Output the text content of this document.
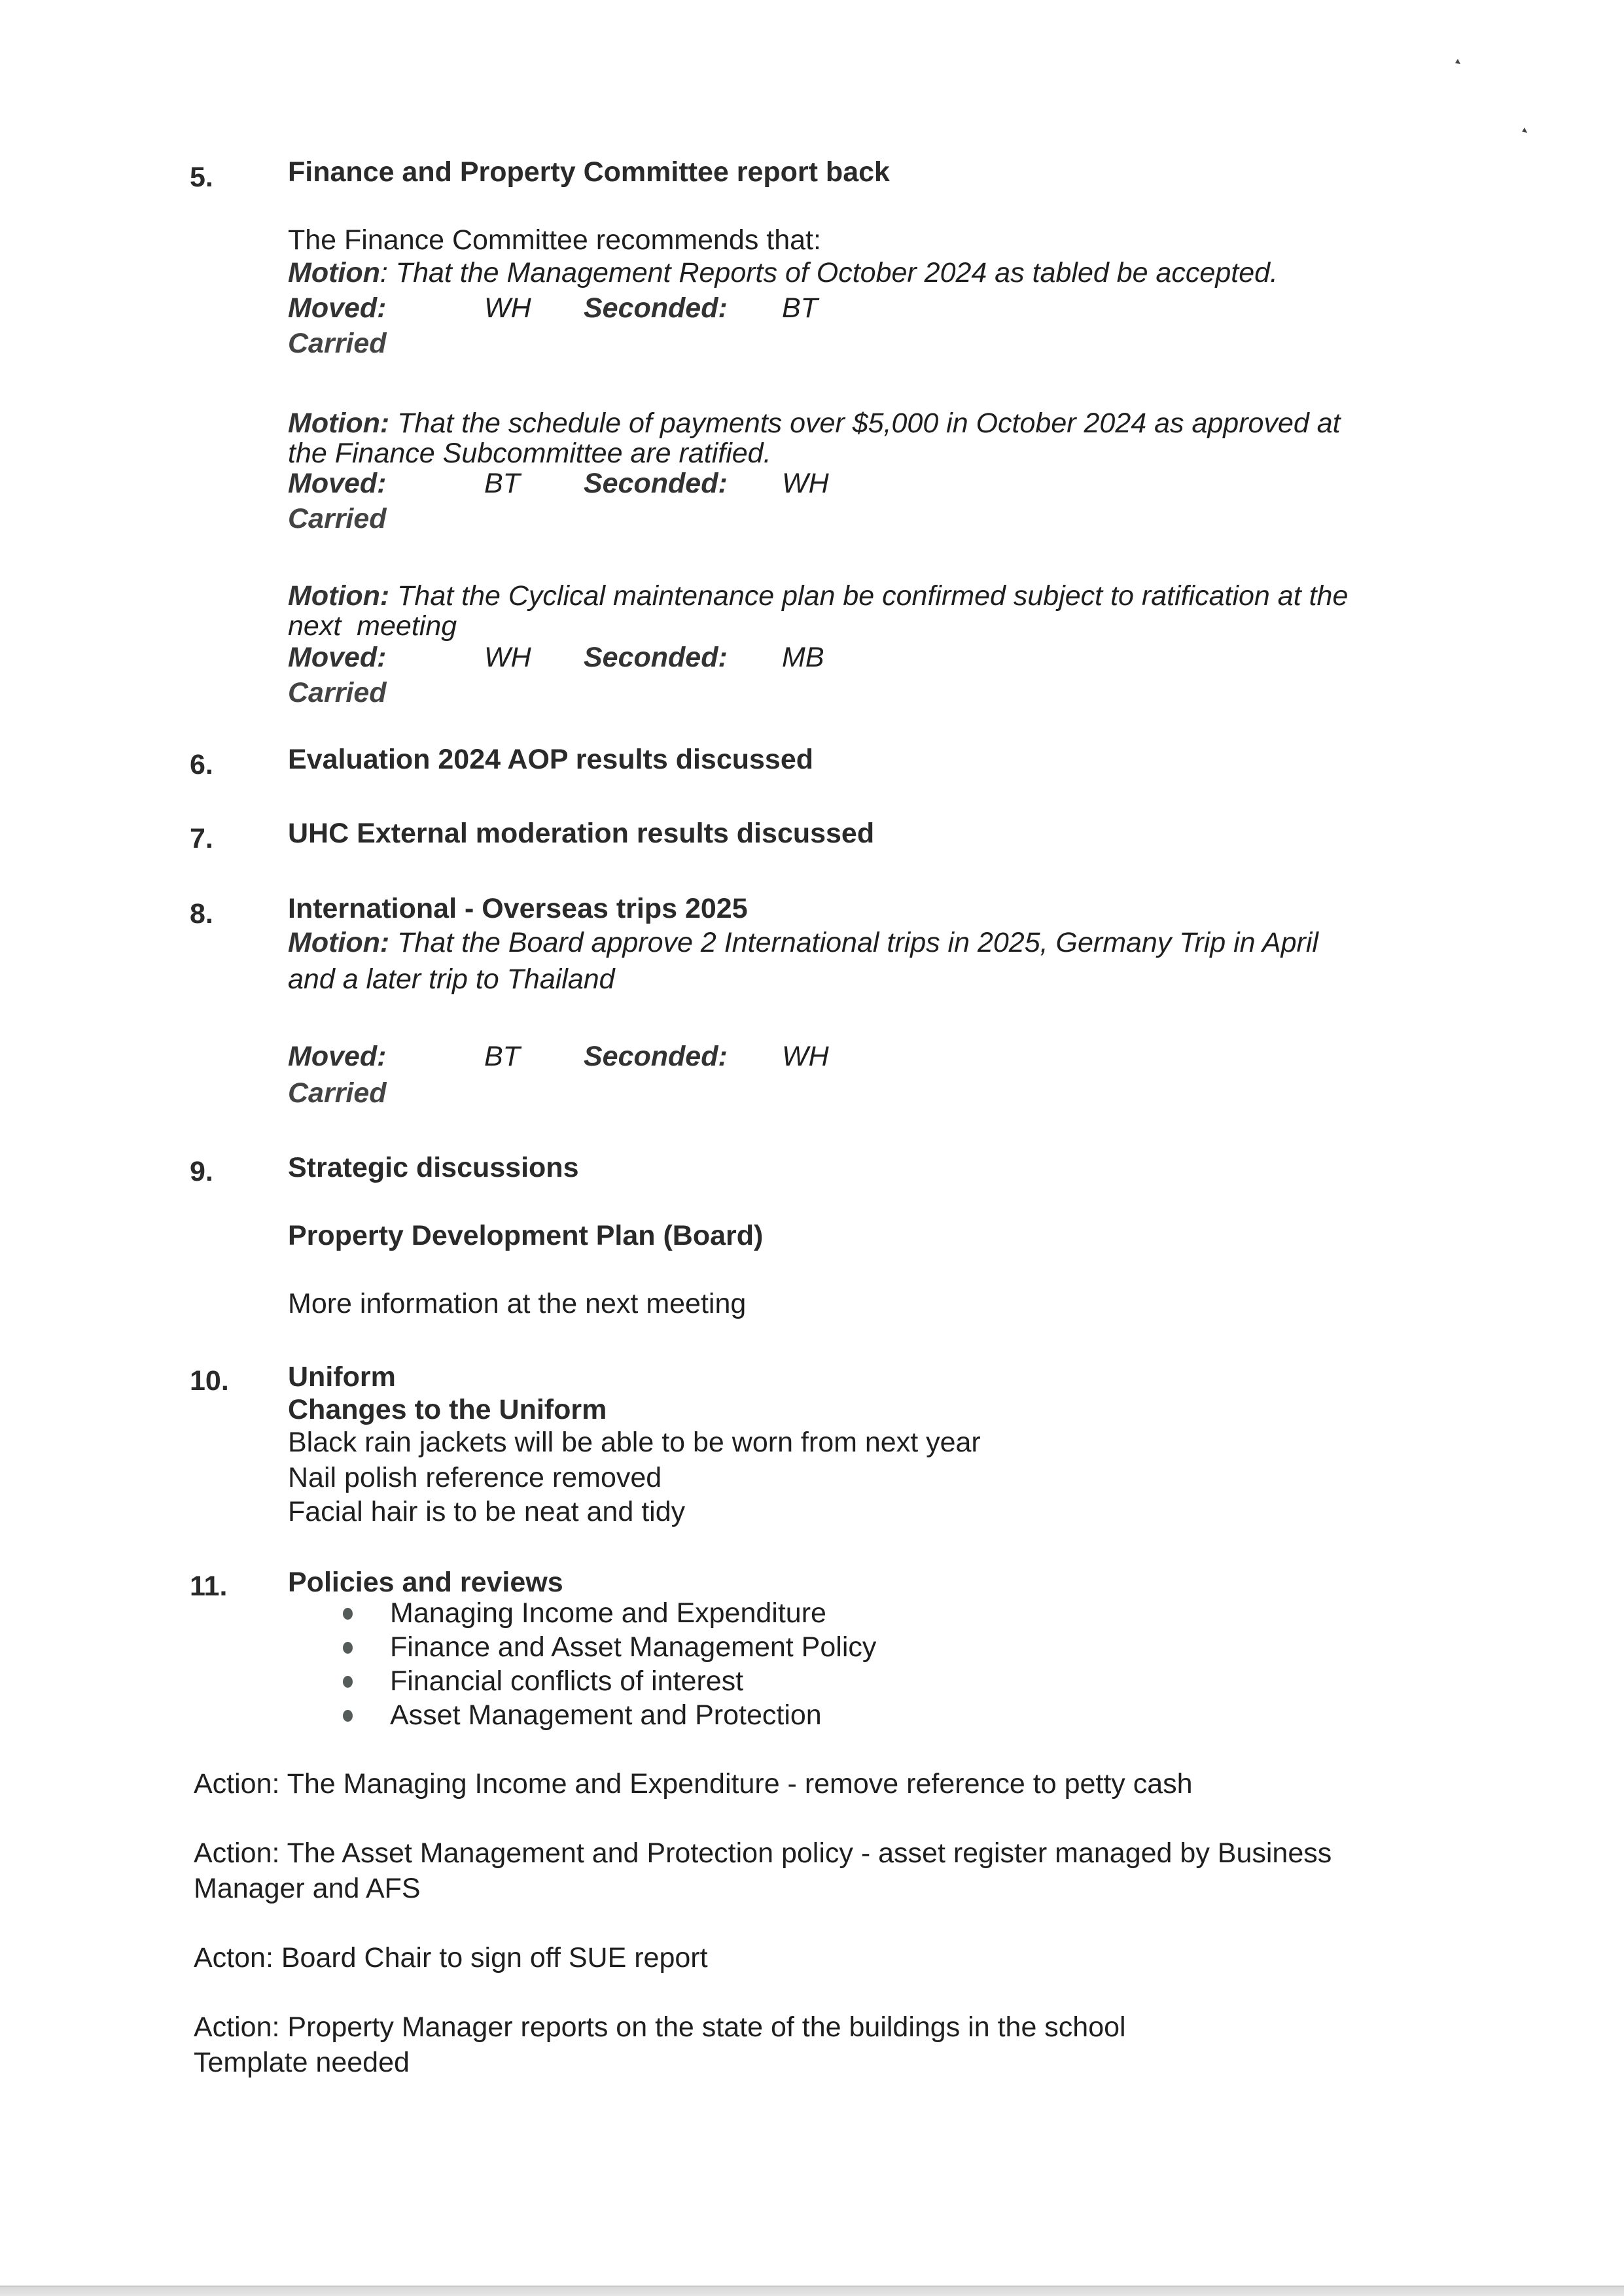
5.	Finance and Property Committee report back
The Finance Committee recommends that:
Motion: That the Management Reports of October 2024 as tabled be accepted.
Moved:	WH Seconded: BT
Carried
Motion: That the schedule of payments over $5,000 in October 2024 as approved at
the Finance Subcommittee are ratified.
Moved:	BT Seconded: WH
Carried
Motion: That the Cyclical maintenance plan be confirmed subject to ratification at the
next  meeting
Moved:	WH Seconded: MB
Carried
6.	Evaluation 2024 AOP results discussed
7.	UHC External moderation results discussed
8.	International - Overseas trips 2025
Motion: That the Board approve 2 International trips in 2025, Germany Trip in April
and a later trip to Thailand
Moved:	BT Seconded: WH
Carried
9.	Strategic discussions
Property Development Plan (Board)
More information at the next meeting
10. Uniform
Changes to the Uniform
Black rain jackets will be able to be worn from next year
Nail polish reference removed
Facial hair is to be neat and tidy
11. Policies and reviews
Managing Income and Expenditure
Finance and Asset Management Policy
Financial conflicts of interest
Asset Management and Protection
Action: The Managing Income and Expenditure - remove reference to petty cash
Action: The Asset Management and Protection policy - asset register managed by Business
Manager and AFS
Acton: Board Chair to sign off SUE report
Action: Property Manager reports on the state of the buildings in the school
Template needed
